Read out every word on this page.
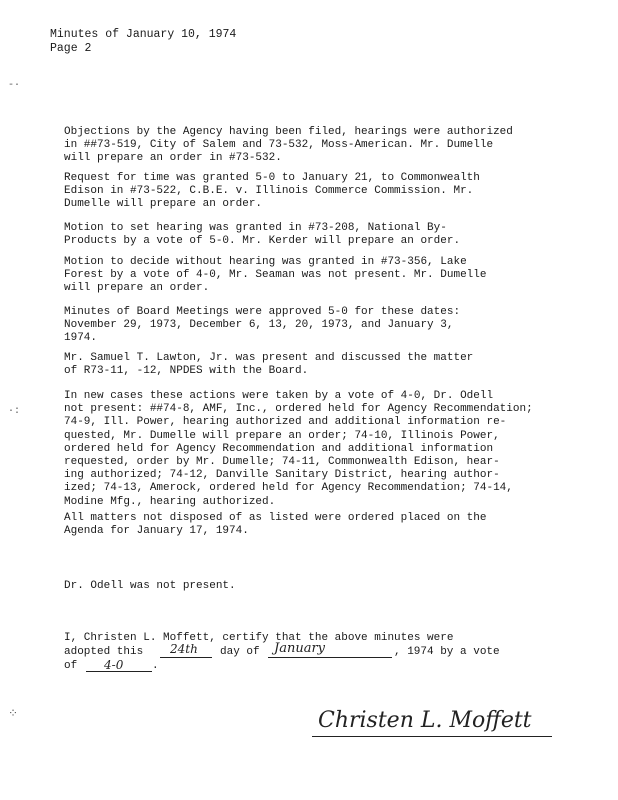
Minutes of January 10, 1974
Page 2
-·
·:
⁘
Objections by the Agency having been filed, hearings were authorized
in ##73-519, City of Salem and 73-532, Moss-American. Mr. Dumelle
will prepare an order in #73-532.
Request for time was granted 5-0 to January 21, to Commonwealth
Edison in #73-522, C.B.E. v. Illinois Commerce Commission. Mr.
Dumelle will prepare an order.
Motion to set hearing was granted in #73-208, National By-
Products by a vote of 5-0. Mr. Kerder will prepare an order.
Motion to decide without hearing was granted in #73-356, Lake
Forest by a vote of 4-0, Mr. Seaman was not present. Mr. Dumelle
will prepare an order.
Minutes of Board Meetings were approved 5-0 for these dates:
November 29, 1973, December 6, 13, 20, 1973, and January 3,
1974.
Mr. Samuel T. Lawton, Jr. was present and discussed the matter
of R73-11, -12, NPDES with the Board.
In new cases these actions were taken by a vote of 4-0, Dr. Odell
not present: ##74-8, AMF, Inc., ordered held for Agency Recommendation;
74-9, Ill. Power, hearing authorized and additional information re-
quested, Mr. Dumelle will prepare an order; 74-10, Illinois Power,
ordered held for Agency Recommendation and additional information
requested, order by Mr. Dumelle; 74-11, Commonwealth Edison, hear-
ing authorized; 74-12, Danville Sanitary District, hearing author-
ized; 74-13, Amerock, ordered held for Agency Recommendation; 74-14,
Modine Mfg., hearing authorized.
All matters not disposed of as listed were ordered placed on the
Agenda for January 17, 1974.
Dr. Odell was not present.
I, Christen L. Moffett, certify that the above minutes were
adopted this	24th day of	January	, 1974 by a vote
of	4-0	.
Christen L. Moffett
